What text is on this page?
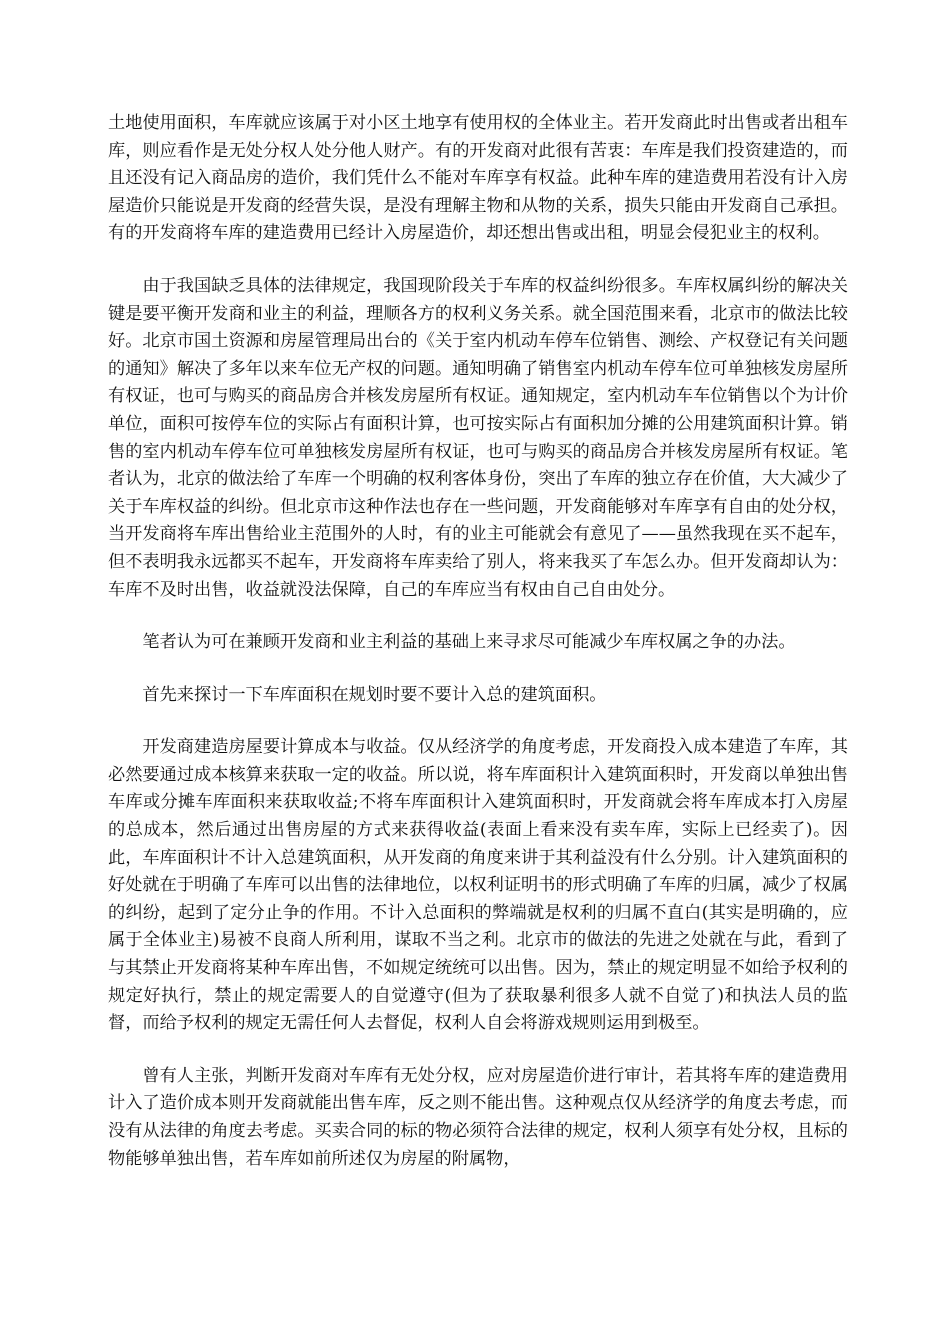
土地使用面积，车库就应该属于对小区土地享有使用权的全体业主。若开发商此时出售或者出租车库，则应看作是无处分权人处分他人财产。有的开发商对此很有苦衷：车库是我们投资建造的，而且还没有记入商品房的造价，我们凭什么不能对车库享有权益。此种车库的建造费用若没有计入房屋造价只能说是开发商的经营失误，是没有理解主物和从物的关系，损失只能由开发商自己承担。有的开发商将车库的建造费用已经计入房屋造价，却还想出售或出租，明显会侵犯业主的权利。

由于我国缺乏具体的法律规定，我国现阶段关于车库的权益纠纷很多。车库权属纠纷的解决关键是要平衡开发商和业主的利益，理顺各方的权利义务关系。就全国范围来看，北京市的做法比较好。北京市国土资源和房屋管理局出台的《关于室内机动车停车位销售、测绘、产权登记有关问题的通知》解决了多年以来车位无产权的问题。通知明确了销售室内机动车停车位可单独核发房屋所有权证，也可与购买的商品房合并核发房屋所有权证。通知规定，室内机动车车位销售以个为计价单位，面积可按停车位的实际占有面积计算，也可按实际占有面积加分摊的公用建筑面积计算。销售的室内机动车停车位可单独核发房屋所有权证，也可与购买的商品房合并核发房屋所有权证。笔者认为，北京的做法给了车库一个明确的权利客体身份，突出了车库的独立存在价值，大大减少了关于车库权益的纠纷。但北京市这种作法也存在一些问题，开发商能够对车库享有自由的处分权，当开发商将车库出售给业主范围外的人时，有的业主可能就会有意见了——虽然我现在买不起车，但不表明我永远都买不起车，开发商将车库卖给了别人，将来我买了车怎么办。但开发商却认为：车库不及时出售，收益就没法保障，自己的车库应当有权由自己自由处分。

笔者认为可在兼顾开发商和业主利益的基础上来寻求尽可能减少车库权属之争的办法。

首先来探讨一下车库面积在规划时要不要计入总的建筑面积。

开发商建造房屋要计算成本与收益。仅从经济学的角度考虑，开发商投入成本建造了车库，其必然要通过成本核算来获取一定的收益。所以说，将车库面积计入建筑面积时，开发商以单独出售车库或分摊车库面积来获取收益;不将车库面积计入建筑面积时，开发商就会将车库成本打入房屋的总成本，然后通过出售房屋的方式来获得收益(表面上看来没有卖车库，实际上已经卖了)。因此，车库面积计不计入总建筑面积，从开发商的角度来讲于其利益没有什么分别。计入建筑面积的好处就在于明确了车库可以出售的法律地位，以权利证明书的形式明确了车库的归属，减少了权属的纠纷，起到了定分止争的作用。不计入总面积的弊端就是权利的归属不直白(其实是明确的，应属于全体业主)易被不良商人所利用，谋取不当之利。北京市的做法的先进之处就在与此，看到了与其禁止开发商将某种车库出售，不如规定统统可以出售。因为，禁止的规定明显不如给予权利的规定好执行，禁止的规定需要人的自觉遵守(但为了获取暴利很多人就不自觉了)和执法人员的监督，而给予权利的规定无需任何人去督促，权利人自会将游戏规则运用到极至。

曾有人主张，判断开发商对车库有无处分权，应对房屋造价进行审计，若其将车库的建造费用计入了造价成本则开发商就能出售车库，反之则不能出售。这种观点仅从经济学的角度去考虑，而没有从法律的角度去考虑。买卖合同的标的物必须符合法律的规定，权利人须享有处分权，且标的物能够单独出售，若车库如前所述仅为房屋的附属物，
